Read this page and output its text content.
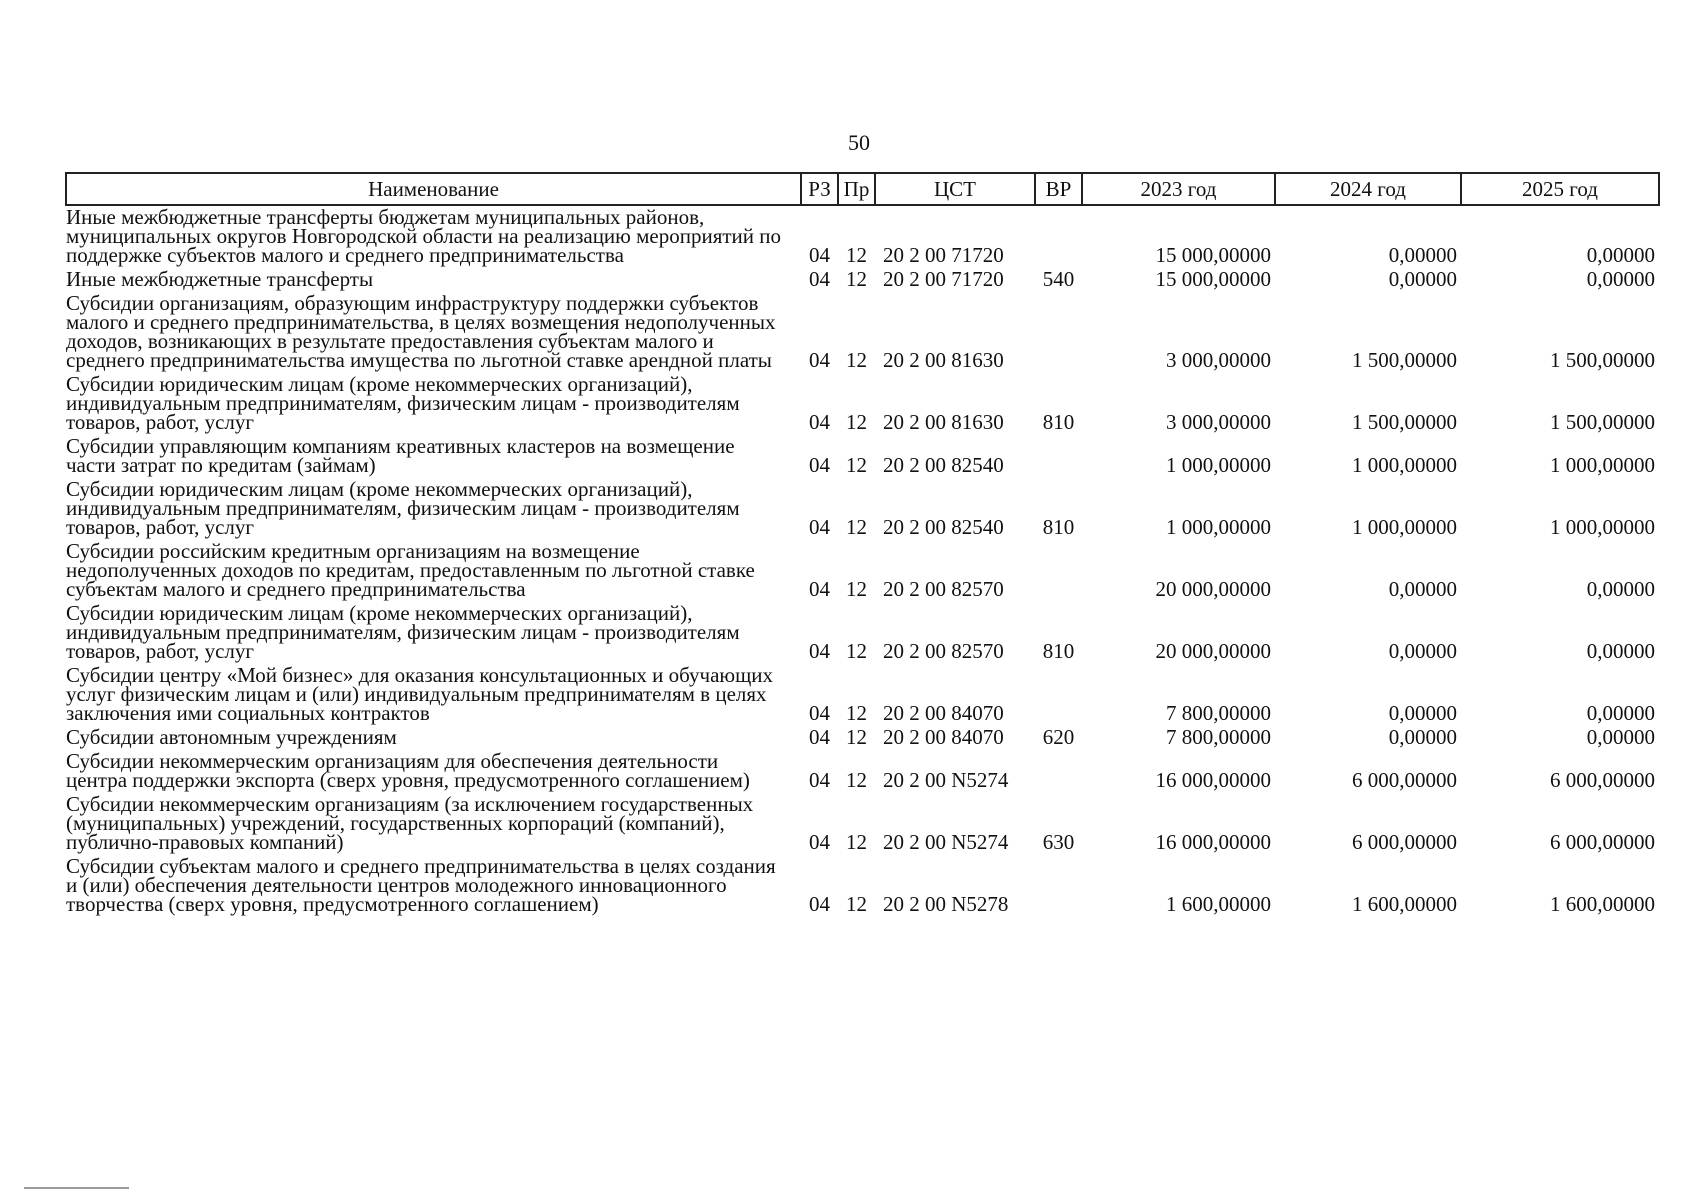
50
Наименование	РЗ	Пр	ЦСТ	ВР	2023 год	2024 год	2025 год
Иные межбюджетные трансферты бюджетам муниципальных районов, муниципальных округов Новгородской области на реализацию мероприятий по поддержке субъектов малого и среднего предпринимательства	04	12	20 2 00 71720		15 000,00000	0,00000	0,00000
Иные межбюджетные трансферты	04	12	20 2 00 71720	540	15 000,00000	0,00000	0,00000
Субсидии организациям, образующим инфраструктуру поддержки субъектов малого и среднего предпринимательства, в целях возмещения недополученных доходов, возникающих в результате предоставления субъектам малого и среднего предпринимательства имущества по льготной ставке арендной платы	04	12	20 2 00 81630		3 000,00000	1 500,00000	1 500,00000
Субсидии юридическим лицам (кроме некоммерческих организаций), индивидуальным предпринимателям, физическим лицам - производителям товаров, работ, услуг	04	12	20 2 00 81630	810	3 000,00000	1 500,00000	1 500,00000
Субсидии управляющим компаниям креативных кластеров на возмещение части затрат по кредитам (займам)	04	12	20 2 00 82540		1 000,00000	1 000,00000	1 000,00000
Субсидии юридическим лицам (кроме некоммерческих организаций), индивидуальным предпринимателям, физическим лицам - производителям товаров, работ, услуг	04	12	20 2 00 82540	810	1 000,00000	1 000,00000	1 000,00000
Субсидии российским кредитным организациям на возмещение недополученных доходов по кредитам, предоставленным по льготной ставке субъектам малого и среднего предпринимательства	04	12	20 2 00 82570		20 000,00000	0,00000	0,00000
Субсидии юридическим лицам (кроме некоммерческих организаций), индивидуальным предпринимателям, физическим лицам - производителям товаров, работ, услуг	04	12	20 2 00 82570	810	20 000,00000	0,00000	0,00000
Субсидии центру «Мой бизнес» для оказания консультационных и обучающих услуг физическим лицам и (или) индивидуальным предпринимателям в целях заключения ими социальных контрактов	04	12	20 2 00 84070		7 800,00000	0,00000	0,00000
Субсидии автономным учреждениям	04	12	20 2 00 84070	620	7 800,00000	0,00000	0,00000
Субсидии некоммерческим организациям для обеспечения деятельности центра поддержки экспорта (сверх уровня, предусмотренного соглашением)	04	12	20 2 00 N5274		16 000,00000	6 000,00000	6 000,00000
Субсидии некоммерческим организациям (за исключением государственных (муниципальных) учреждений, государственных корпораций (компаний), публично-правовых компаний)	04	12	20 2 00 N5274	630	16 000,00000	6 000,00000	6 000,00000
Субсидии субъектам малого и среднего предпринимательства в целях создания и (или) обеспечения деятельности центров молодежного инновационного творчества (сверх уровня, предусмотренного соглашением)	04	12	20 2 00 N5278		1 600,00000	1 600,00000	1 600,00000
